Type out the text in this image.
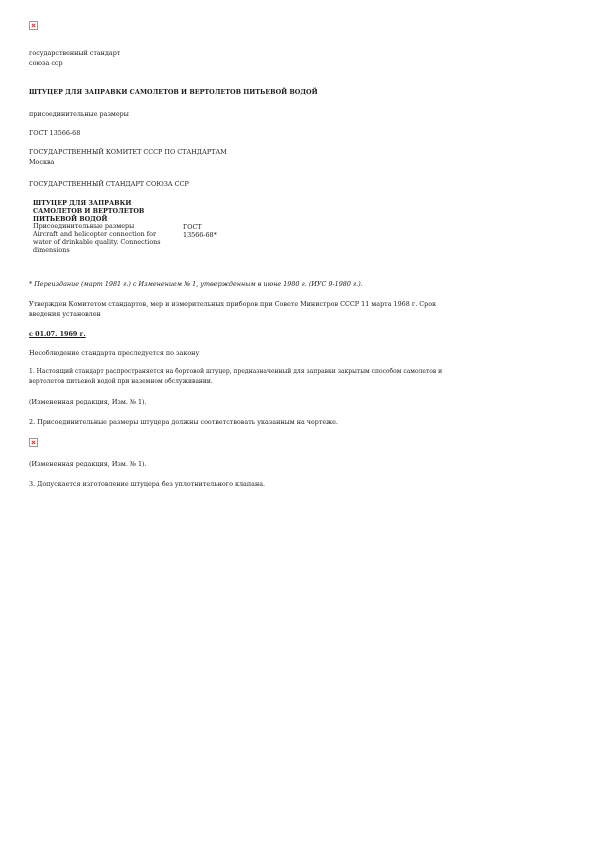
государственный стандарт
союза сср
ШТУЦЕР ДЛЯ ЗАПРАВКИ САМОЛЕТОВ И ВЕРТОЛЕТОВ ПИТЬЕВОЙ ВОДОЙ
присоединительные размеры
ГОСТ 13566-68
ГОСУДАРСТВЕННЫЙ КОМИТЕТ СССР ПО СТАНДАРТАМ
Москва
ГОСУДАРСТВЕННЫЙ СТАНДАРТ СОЮЗА ССР
ШТУЦЕР ДЛЯ ЗАПРАВКИ
САМОЛЕТОВ И ВЕРТОЛЕТОВ
ПИТЬЕВОЙ ВОДОЙ
Присоединительные размеры
Aircraft and helicopter connection for
water of drinkable quality. Connections
dimensions
ГОСТ
13566-68*
* Переиздание (март 1981 г.) с Изменением № 1, утвержденным в июне 1980 г. (ИУС 9-1980 г.).
Утвержден Комитетом стандартов, мер и измерительных приборов при Совете Министров СССР 11 марта 1968 г. Срок
введения установлен
с 01.07. 1969 г.
Несоблюдение стандарта преследуется по закону
1. Настоящий стандарт распространяется на бортовой штуцер, предназначенный для заправки закрытым способом самолетов и
вертолетов питьевой водой при наземном обслуживании.
(Измененная редакция, Изм. № 1).
2. Присоединительные размеры штуцера должны соответствовать указанным на чертеже.
(Измененная редакция, Изм. № 1).
3. Допускается изготовление штуцера без уплотнительного клапана.
